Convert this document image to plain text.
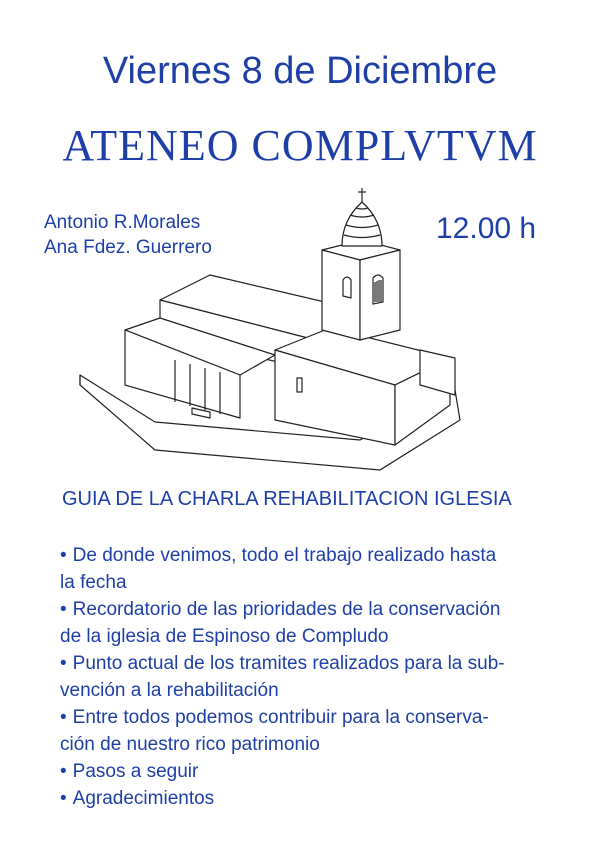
Viernes 8 de Diciembre
ATENEO COMPLVTVM
Antonio R.Morales
Ana Fdez. Guerrero
12.00 h
GUIA DE LA CHARLA REHABILITACION IGLESIA
• De donde venimos, todo el trabajo realizado hasta
la fecha
• Recordatorio de las prioridades de la conservación
de la iglesia de Espinoso de Compludo
• Punto actual de los tramites realizados para la sub-
vención a la rehabilitación
• Entre todos podemos contribuir para la conserva-
ción de nuestro rico patrimonio
• Pasos a seguir
• Agradecimientos
